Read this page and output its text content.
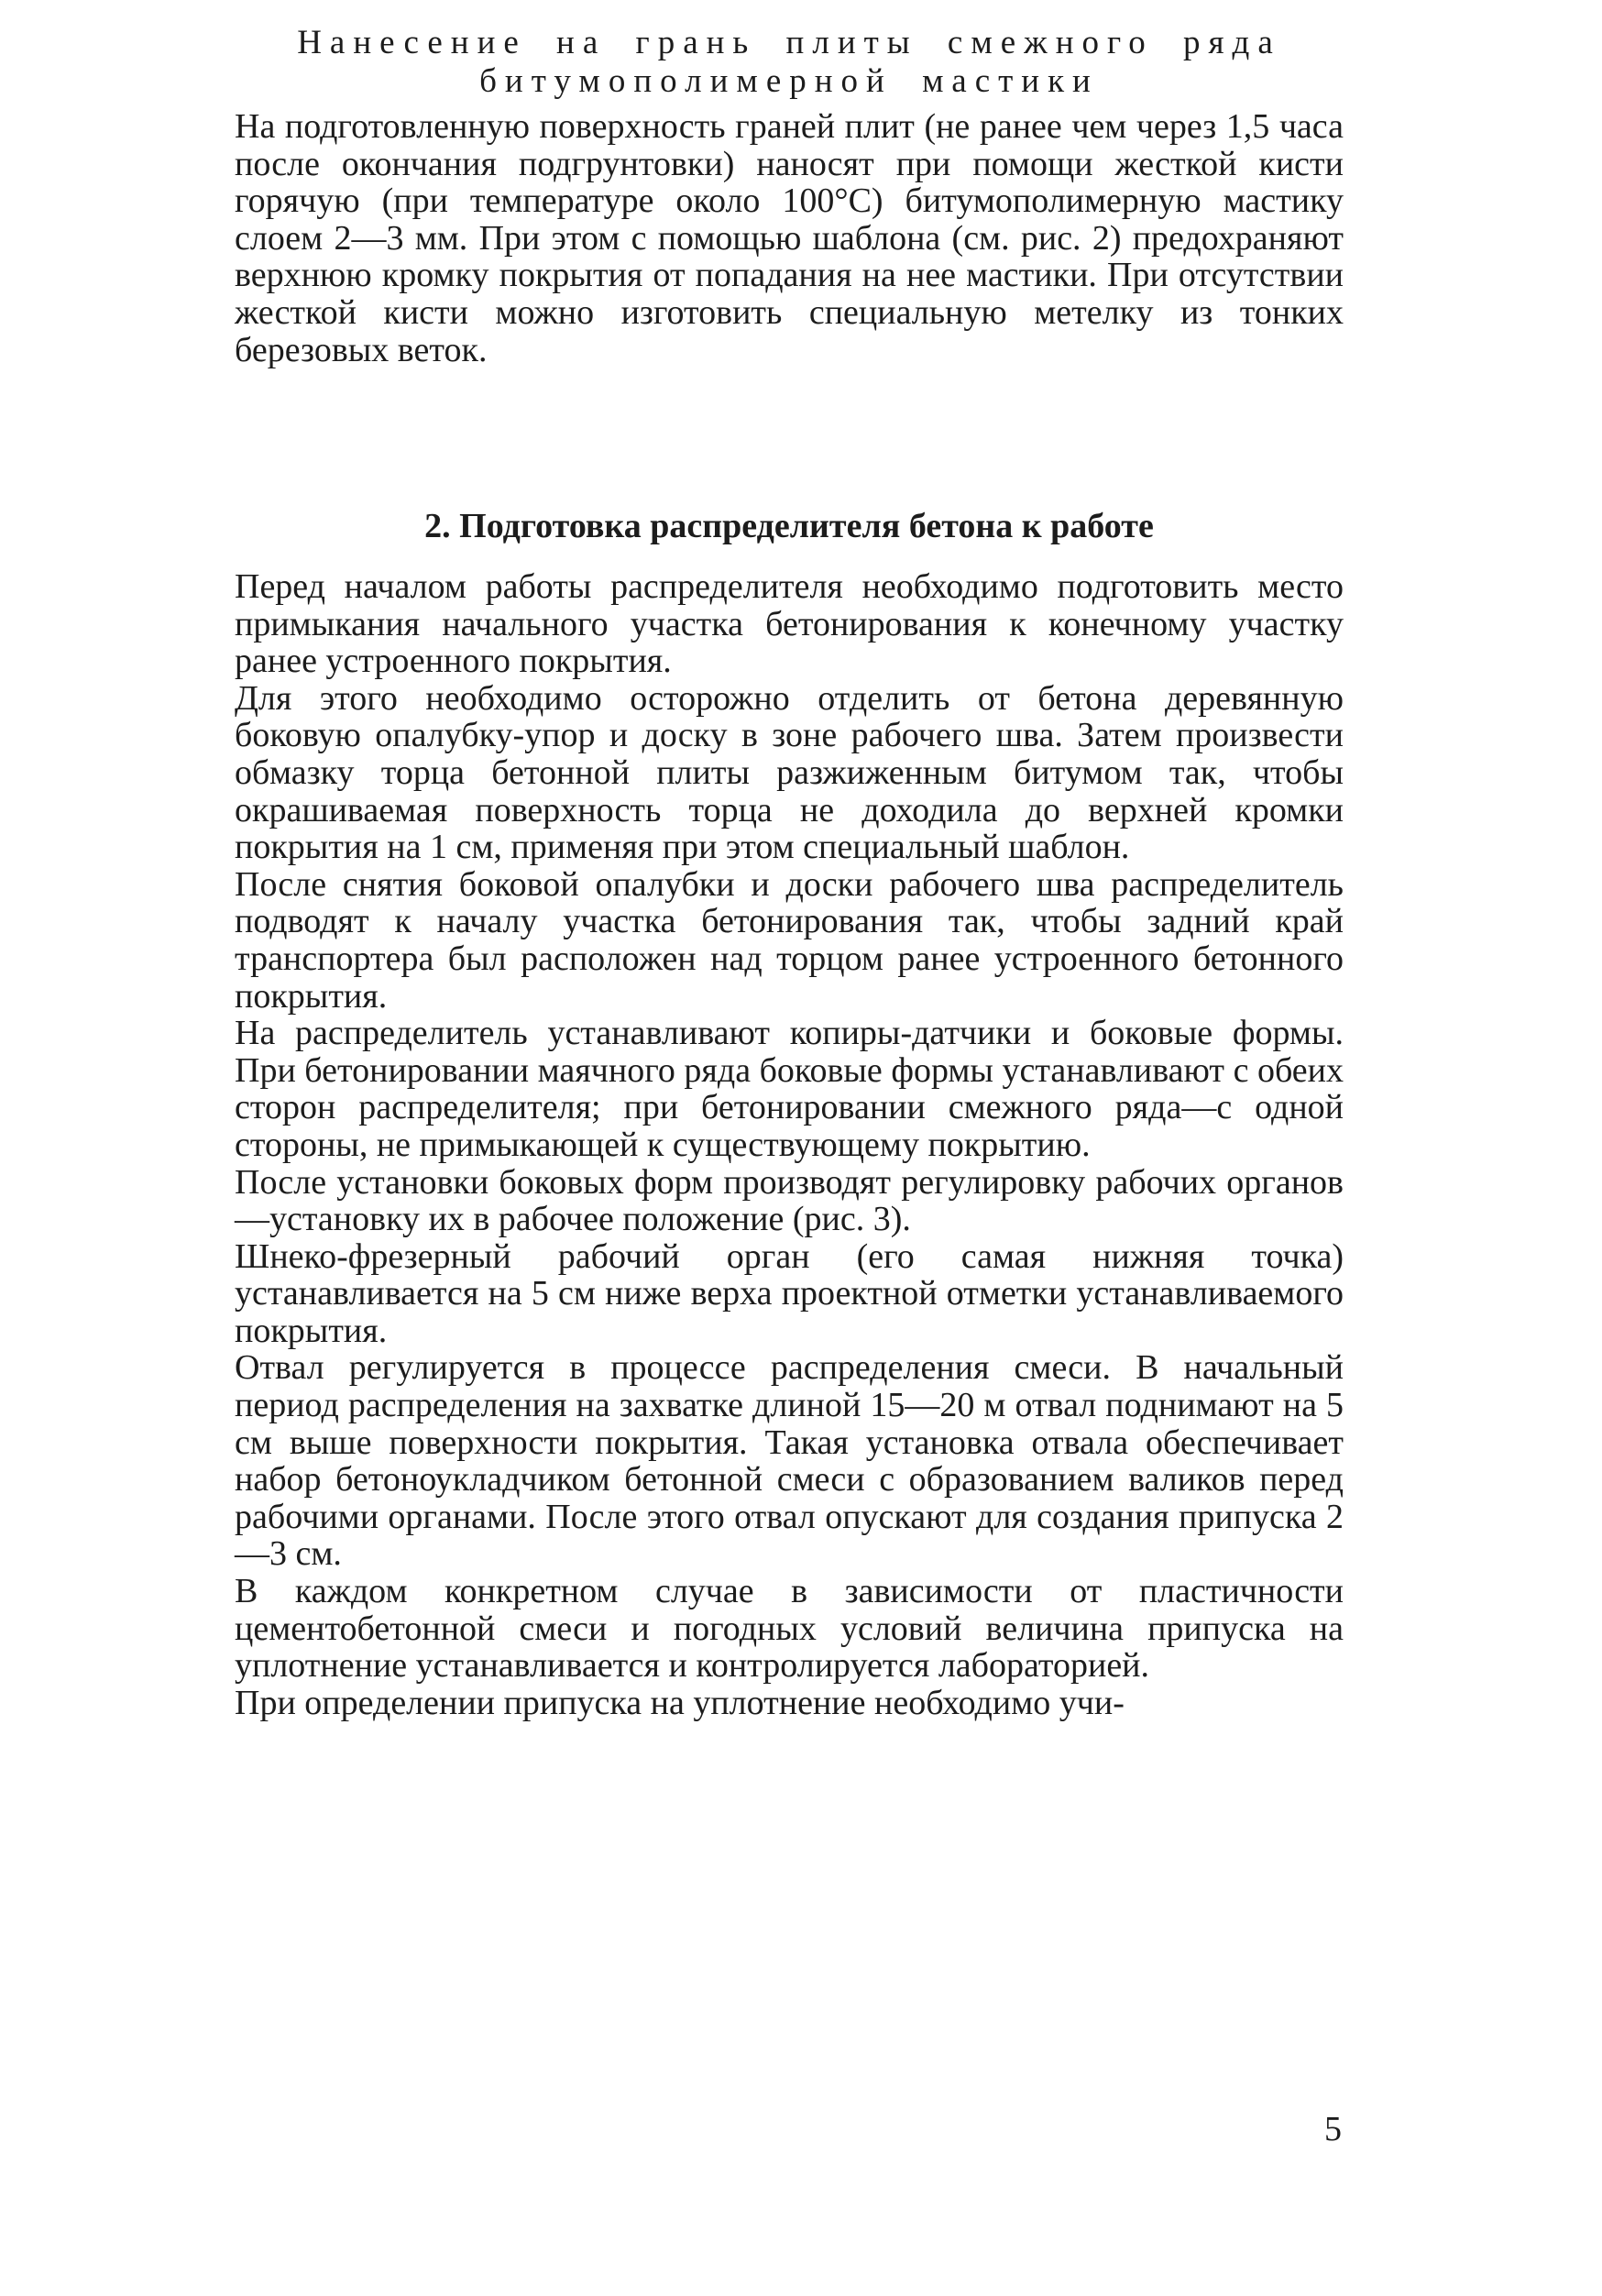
Нанесение на грань плиты смежного ряда
битумополимерной мастики

На подготовленную поверхность граней плит (не ранее чем через 1,5 часа после окончания подгрунтовки) наносят при помощи жесткой кисти горячую (при температуре около 100°С) битумополимерную мастику слоем 2—3 мм. При этом с помощью шаблона (см. рис. 2) предохраняют верхнюю кромку покрытия от попадания на нее мастики. При отсутствии жесткой кисти можно изготовить специальную метелку из тонких березовых веток.

2. Подготовка распределителя бетона к работе

Перед началом работы распределителя необходимо подготовить место примыкания начального участка бетонирования к конечному участку ранее устроенного покрытия.

Для этого необходимо осторожно отделить от бетона деревянную боковую опалубку-упор и доску в зоне рабочего шва. Затем произвести обмазку торца бетонной плиты разжиженным битумом так, чтобы окрашиваемая поверхность торца не доходила до верхней кромки покрытия на 1 см, применяя при этом специальный шаблон.

После снятия боковой опалубки и доски рабочего шва распределитель подводят к началу участка бетонирования так, чтобы задний край транспортера был расположен над торцом ранее устроенного бетонного покрытия.

На распределитель устанавливают копиры-датчики и боковые формы. При бетонировании маячного ряда боковые формы устанавливают с обеих сторон распределителя; при бетонировании смежного ряда—с одной стороны, не примыкающей к существующему покрытию.

После установки боковых форм производят регулировку рабочих органов—установку их в рабочее положение (рис. 3).

Шнеко-фрезерный рабочий орган (его самая нижняя точка) устанавливается на 5 см ниже верха проектной отметки устанавливаемого покрытия.

Отвал регулируется в процессе распределения смеси. В начальный период распределения на захватке длиной 15—20 м отвал поднимают на 5 см выше поверхности покрытия. Такая установка отвала обеспечивает набор бетоноукладчиком бетонной смеси с образованием валиков перед рабочими органами. После этого отвал опускают для создания припуска 2—3 см.

В каждом конкретном случае в зависимости от пластичности цементобетонной смеси и погодных условий величина припуска на уплотнение устанавливается и контролируется лабораторией.

При определении припуска на уплотнение необходимо учи-

5
